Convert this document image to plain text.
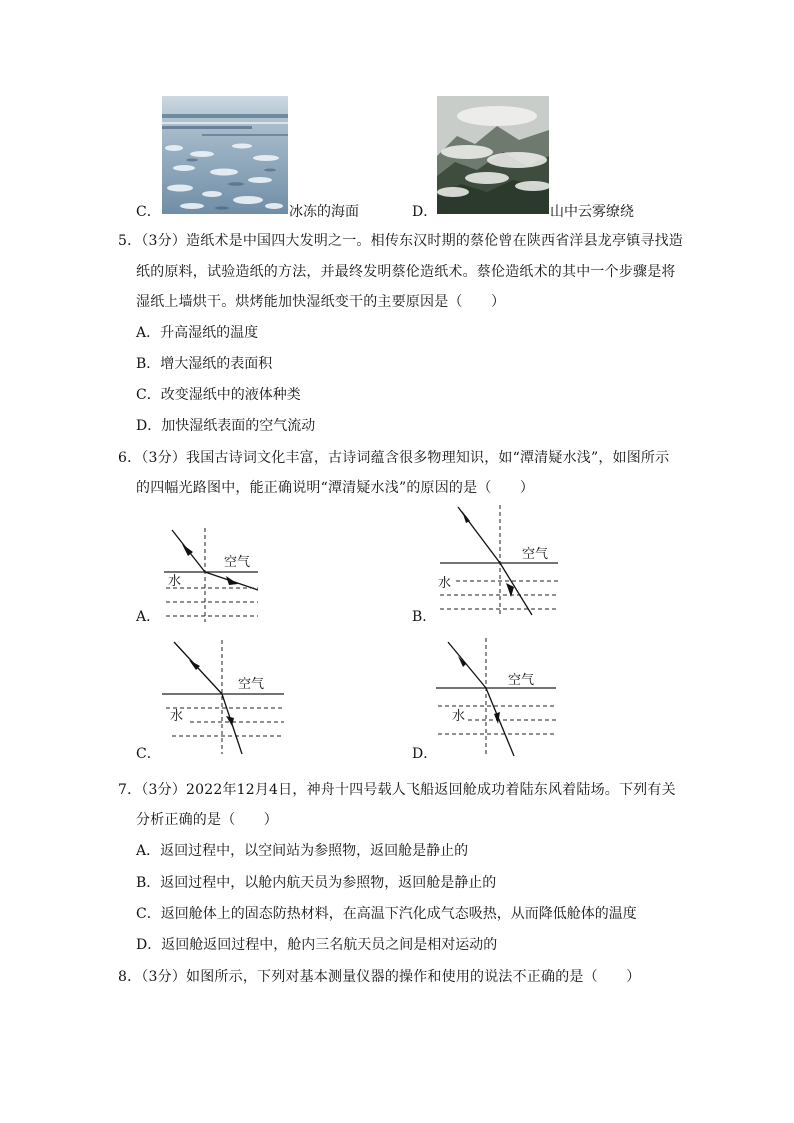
C．	冰冻的海面	D．	山中云雾缭绕
5．（3分）造纸术是中国四大发明之一。相传东汉时期的蔡伦曾在陕西省洋县龙亭镇寻找造
纸的原料，试验造纸的方法，并最终发明蔡伦造纸术。蔡伦造纸术的其中一个步骤是将
湿纸上墙烘干。烘烤能加快湿纸变干的主要原因是（　　）
A．升高湿纸的温度
B．增大湿纸的表面积
C．改变湿纸中的液体种类
D．加快湿纸表面的空气流动
6．（3分）我国古诗词文化丰富，古诗词蕴含很多物理知识，如“潭清疑水浅”，如图所示
的四幅光路图中，能正确说明“潭清疑水浅”的原因的是（　　）
A．
空气
水
B．
空气
水
C．
空气
水
D．
空气
水
7．（3分）2022年12月4日，神舟十四号载人飞船返回舱成功着陆东风着陆场。下列有关
分析正确的是（　　）
A．返回过程中，以空间站为参照物，返回舱是静止的
B．返回过程中，以舱内航天员为参照物，返回舱是静止的
C．返回舱体上的固态防热材料，在高温下汽化成气态吸热，从而降低舱体的温度
D．返回舱返回过程中，舱内三名航天员之间是相对运动的
8．（3分）如图所示，下列对基本测量仪器的操作和使用的说法不正确的是（　　）
